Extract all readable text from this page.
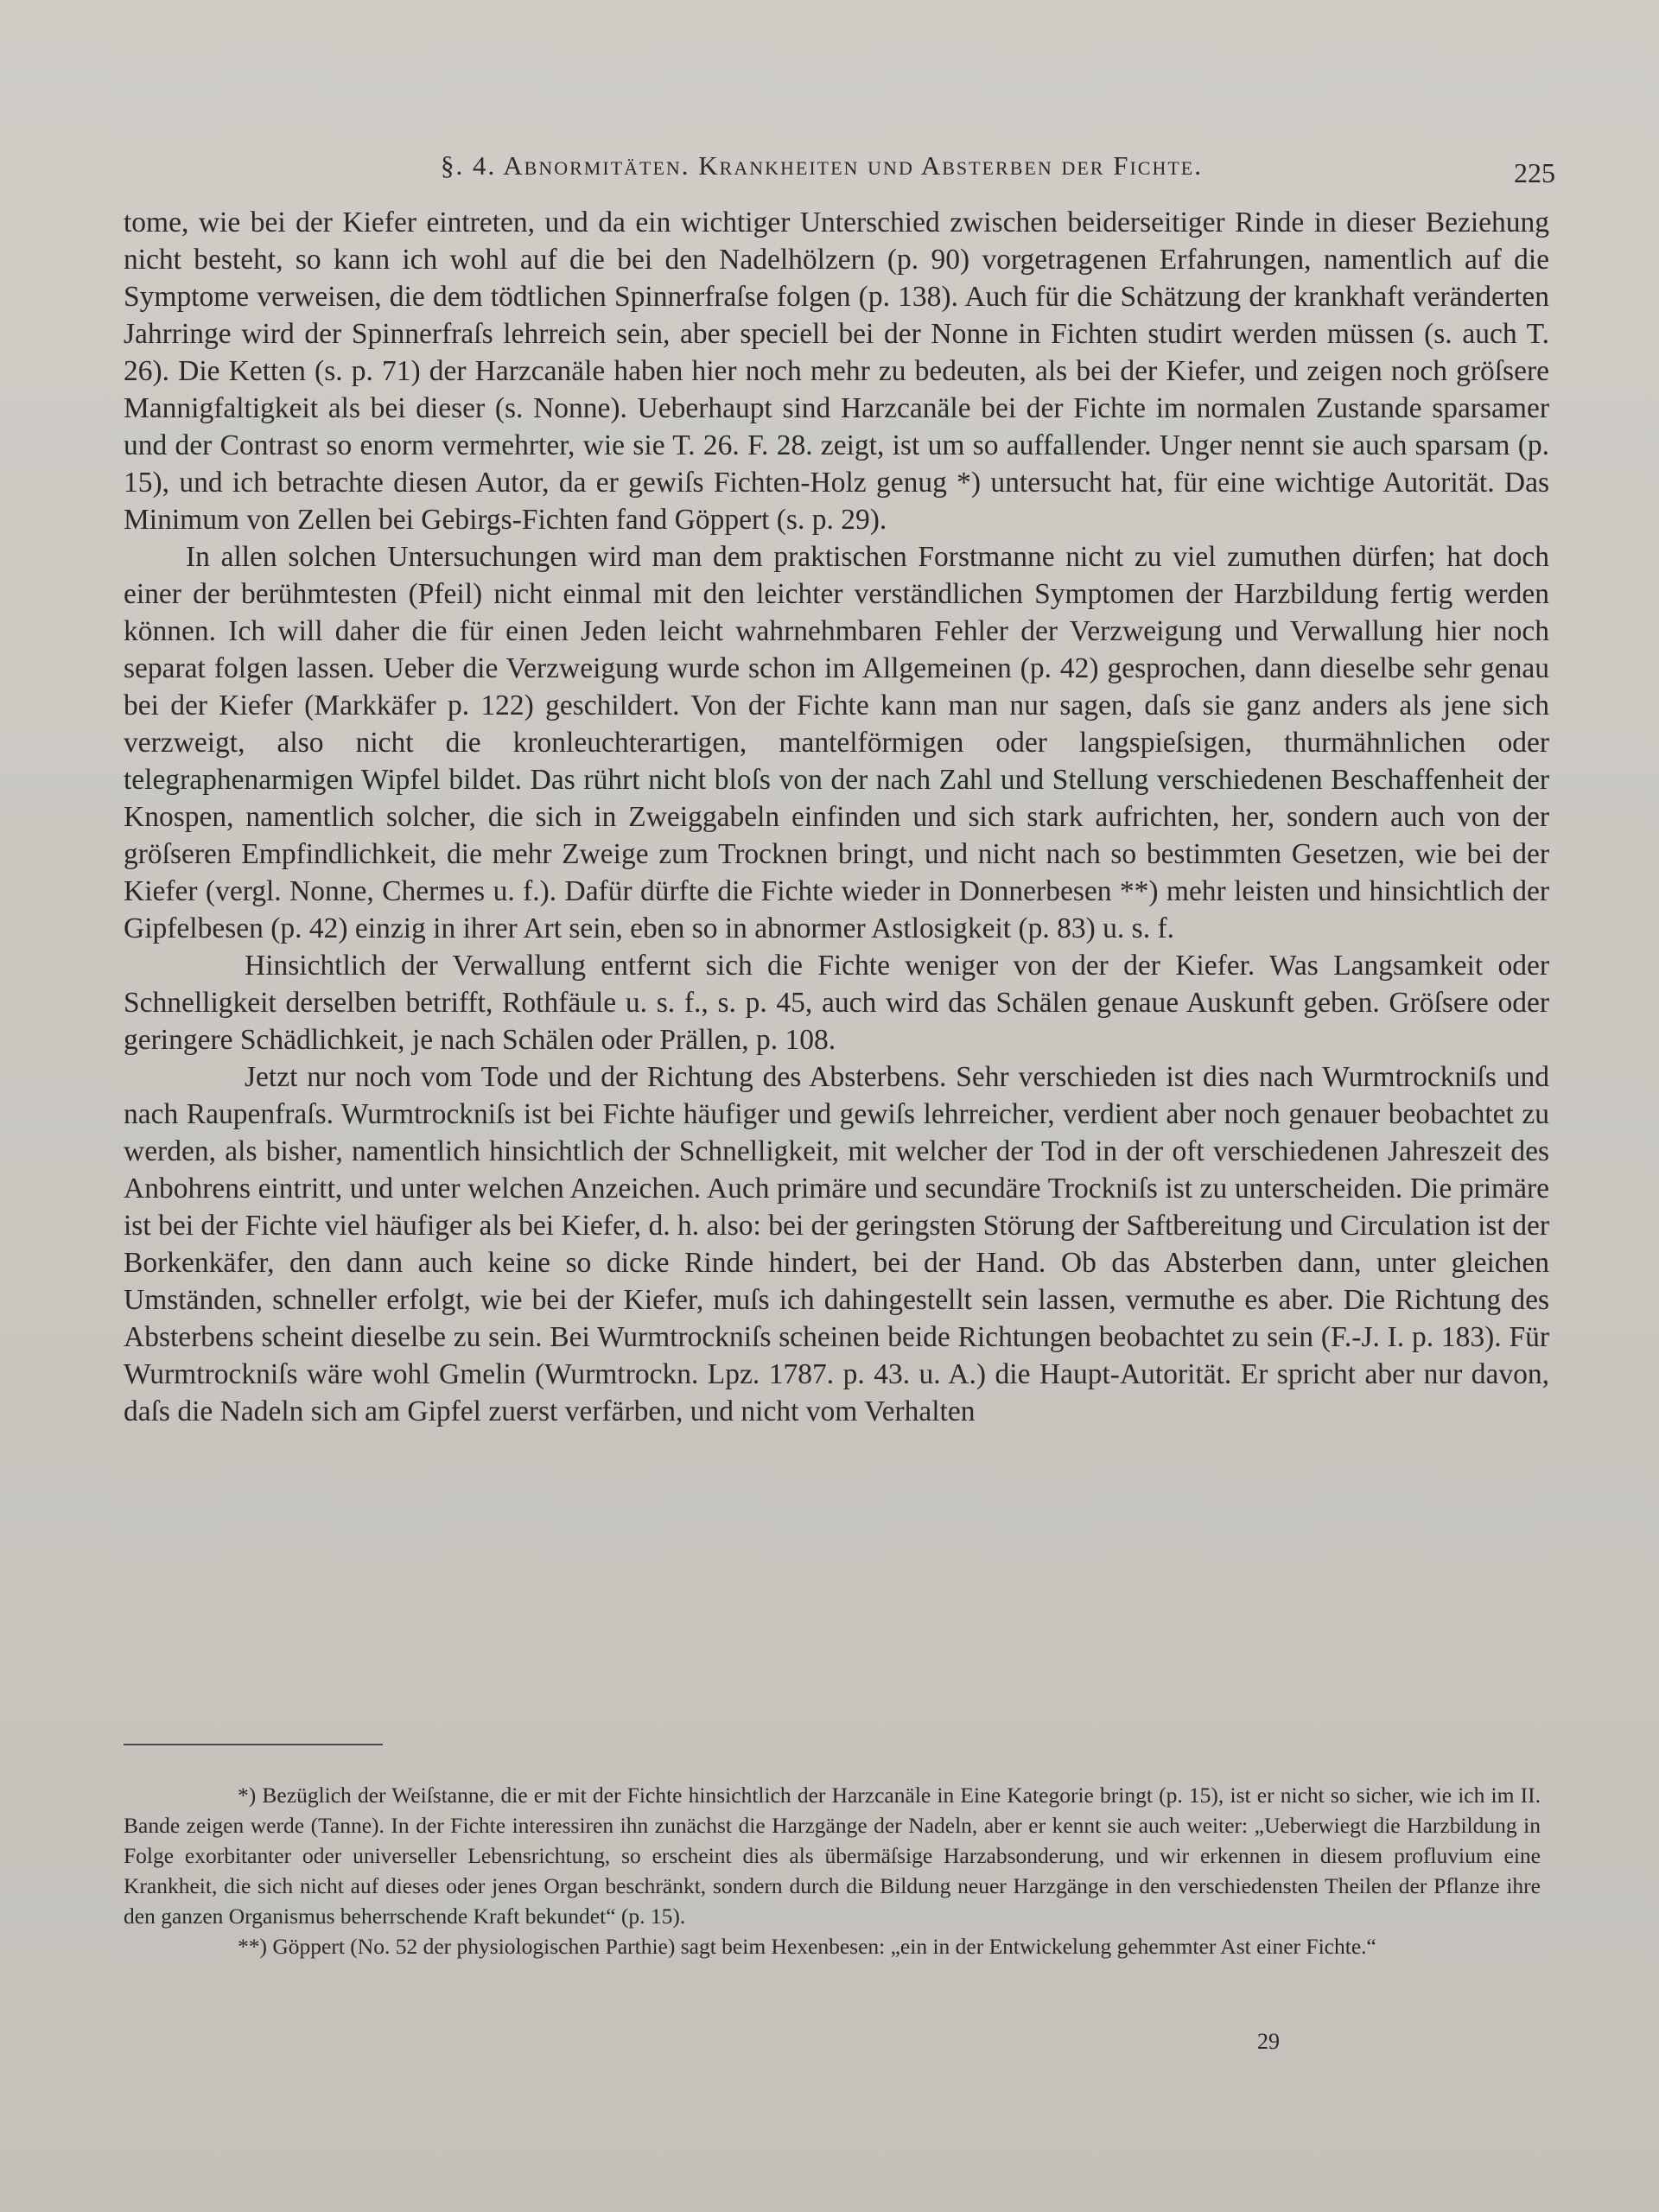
§. 4. Abnormitäten. Krankheiten und Absterben der Fichte.	225

tome, wie bei der Kiefer eintreten, und da ein wichtiger Unterschied zwischen beiderseitiger Rinde in dieser Beziehung nicht besteht, so kann ich wohl auf die bei den Nadelhölzern (p. 90) vorgetragenen Erfahrungen, namentlich auf die Symptome verweisen, die dem tödtlichen Spinnerfraſse folgen (p. 138). Auch für die Schätzung der krankhaft veränderten Jahrringe wird der Spinnerfraſs lehrreich sein, aber speciell bei der Nonne in Fichten studirt werden müssen (s. auch T. 26). Die Ketten (s. p. 71) der Harzcanäle haben hier noch mehr zu bedeuten, als bei der Kiefer, und zeigen noch gröſsere Mannigfaltigkeit als bei dieser (s. Nonne). Ueberhaupt sind Harzcanäle bei der Fichte im normalen Zustande sparsamer und der Contrast so enorm vermehrter, wie sie T. 26. F. 28. zeigt, ist um so auffallender. Unger nennt sie auch sparsam (p. 15), und ich betrachte diesen Autor, da er gewiſs Fichten-Holz genug *) untersucht hat, für eine wichtige Autorität. Das Minimum von Zellen bei Gebirgs-Fichten fand Göppert (s. p. 29).

In allen solchen Untersuchungen wird man dem praktischen Forstmanne nicht zu viel zumuthen dürfen; hat doch einer der berühmtesten (Pfeil) nicht einmal mit den leichter verständlichen Symptomen der Harzbildung fertig werden können. Ich will daher die für einen Jeden leicht wahrnehmbaren Fehler der Verzweigung und Verwallung hier noch separat folgen lassen. Ueber die Verzweigung wurde schon im Allgemeinen (p. 42) gesprochen, dann dieselbe sehr genau bei der Kiefer (Markkäfer p. 122) geschildert. Von der Fichte kann man nur sagen, daſs sie ganz anders als jene sich verzweigt, also nicht die kronleuchterartigen, mantelförmigen oder langspieſsigen, thurmähnlichen oder telegraphenarmigen Wipfel bildet. Das rührt nicht bloſs von der nach Zahl und Stellung verschiedenen Beschaffenheit der Knospen, namentlich solcher, die sich in Zweiggabeln einfinden und sich stark aufrichten, her, sondern auch von der gröſseren Empfindlichkeit, die mehr Zweige zum Trocknen bringt, und nicht nach so bestimmten Gesetzen, wie bei der Kiefer (vergl. Nonne, Chermes u. f.). Dafür dürfte die Fichte wieder in Donnerbesen **) mehr leisten und hinsichtlich der Gipfelbesen (p. 42) einzig in ihrer Art sein, eben so in abnormer Astlosigkeit (p. 83) u. s. f.

Hinsichtlich der Verwallung entfernt sich die Fichte weniger von der der Kiefer. Was Langsamkeit oder Schnelligkeit derselben betrifft, Rothfäule u. s. f., s. p. 45, auch wird das Schälen genaue Auskunft geben. Gröſsere oder geringere Schädlichkeit, je nach Schälen oder Prällen, p. 108.

Jetzt nur noch vom Tode und der Richtung des Absterbens. Sehr verschieden ist dies nach Wurmtrockniſs und nach Raupenfraſs. Wurmtrockniſs ist bei Fichte häufiger und gewiſs lehrreicher, verdient aber noch genauer beobachtet zu werden, als bisher, namentlich hinsichtlich der Schnelligkeit, mit welcher der Tod in der oft verschiedenen Jahreszeit des Anbohrens eintritt, und unter welchen Anzeichen. Auch primäre und secundäre Trockniſs ist zu unterscheiden. Die primäre ist bei der Fichte viel häufiger als bei Kiefer, d. h. also: bei der geringsten Störung der Saftbereitung und Circulation ist der Borkenkäfer, den dann auch keine so dicke Rinde hindert, bei der Hand. Ob das Absterben dann, unter gleichen Umständen, schneller erfolgt, wie bei der Kiefer, muſs ich dahingestellt sein lassen, vermuthe es aber. Die Richtung des Absterbens scheint dieselbe zu sein. Bei Wurmtrockniſs scheinen beide Richtungen beobachtet zu sein (F.-J. I. p. 183). Für Wurmtrockniſs wäre wohl Gmelin (Wurmtrockn. Lpz. 1787. p. 43. u. A.) die Haupt-Autorität. Er spricht aber nur davon, daſs die Nadeln sich am Gipfel zuerst verfärben, und nicht vom Verhalten

*) Bezüglich der Weiſstanne, die er mit der Fichte hinsichtlich der Harzcanäle in Eine Kategorie bringt (p. 15), ist er nicht so sicher, wie ich im II. Bande zeigen werde (Tanne). In der Fichte interessiren ihn zunächst die Harzgänge der Nadeln, aber er kennt sie auch weiter: „Ueberwiegt die Harzbildung in Folge exorbitanter oder universeller Lebensrichtung, so erscheint dies als übermäſsige Harzabsonderung, und wir erkennen in diesem profluvium eine Krankheit, die sich nicht auf dieses oder jenes Organ beschränkt, sondern durch die Bildung neuer Harzgänge in den verschiedensten Theilen der Pflanze ihre den ganzen Organismus beherrschende Kraft bekundet“ (p. 15).

**) Göppert (No. 52 der physiologischen Parthie) sagt beim Hexenbesen: „ein in der Entwickelung gehemmter Ast einer Fichte.“

29
